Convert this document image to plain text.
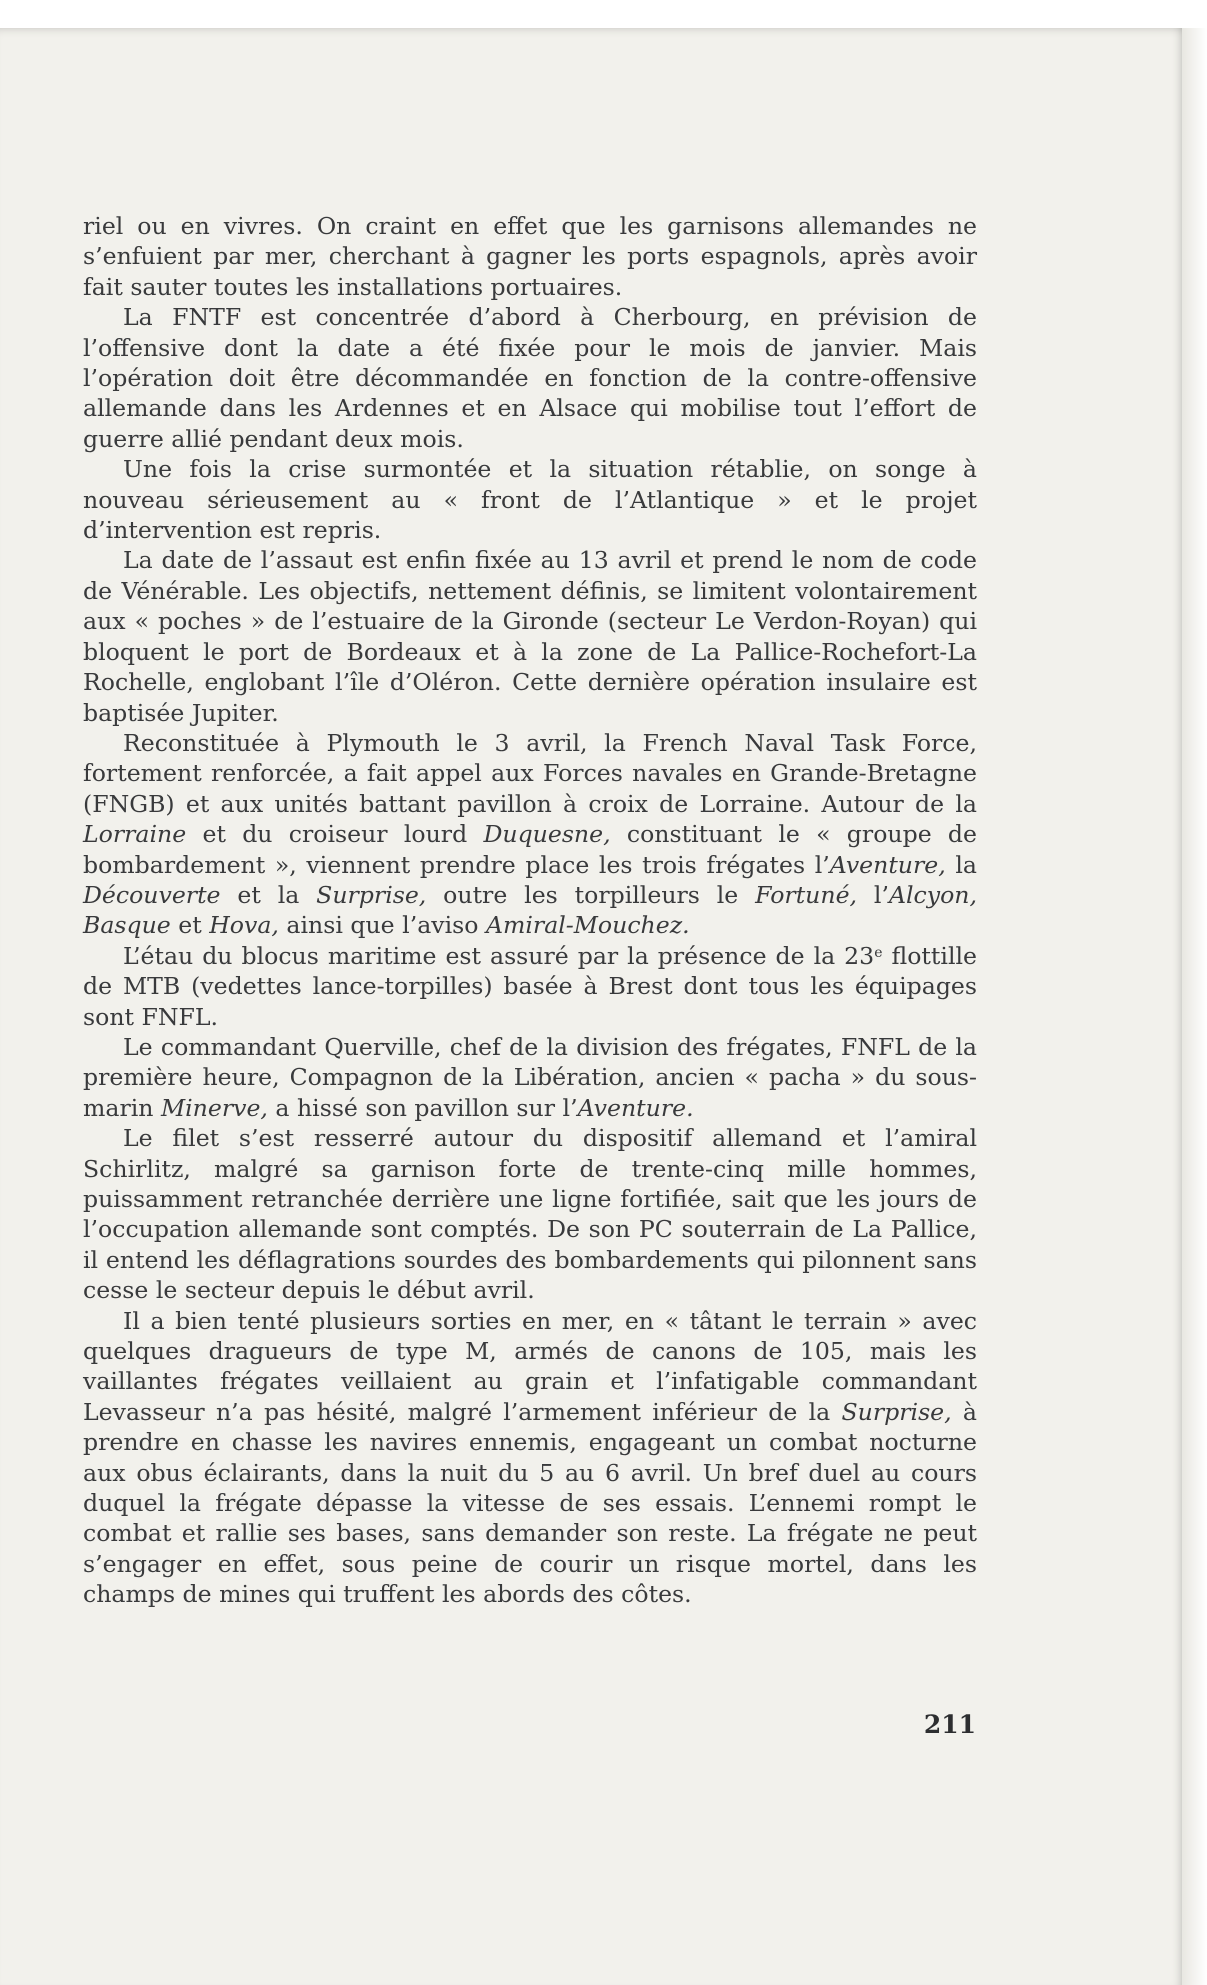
riel ou en vivres. On craint en effet que les garnisons allemandes ne s’enfuient par mer, cherchant à gagner les ports espagnols, après avoir fait sauter toutes les installations portuaires.

La FNTF est concentrée d’abord à Cherbourg, en prévision de l’offensive dont la date a été fixée pour le mois de janvier. Mais l’opération doit être décommandée en fonction de la contre-offensive allemande dans les Ardennes et en Alsace qui mobilise tout l’effort de guerre allié pendant deux mois.

Une fois la crise surmontée et la situation rétablie, on songe à nouveau sérieusement au « front de l’Atlantique » et le projet d’intervention est repris.

La date de l’assaut est enfin fixée au 13 avril et prend le nom de code de Vénérable. Les objectifs, nettement définis, se limitent volontairement aux « poches » de l’estuaire de la Gironde (secteur Le Verdon-Royan) qui bloquent le port de Bordeaux et à la zone de La Pallice-Rochefort-La Rochelle, englobant l’île d’Oléron. Cette dernière opération insulaire est baptisée Jupiter.

Reconstituée à Plymouth le 3 avril, la French Naval Task Force, fortement renforcée, a fait appel aux Forces navales en Grande-Bretagne (FNGB) et aux unités battant pavillon à croix de Lorraine. Autour de la Lorraine et du croiseur lourd Duquesne, constituant le « groupe de bombardement », viennent prendre place les trois frégates l’Aventure, la Découverte et la Surprise, outre les torpilleurs le Fortuné, l’Alcyon, Basque et Hova, ainsi que l’aviso Amiral-Mouchez.

L’étau du blocus maritime est assuré par la présence de la 23e flottille de MTB (vedettes lance-torpilles) basée à Brest dont tous les équipages sont FNFL.

Le commandant Querville, chef de la division des frégates, FNFL de la première heure, Compagnon de la Libération, ancien « pacha » du sous-marin Minerve, a hissé son pavillon sur l’Aventure.

Le filet s’est resserré autour du dispositif allemand et l’amiral Schirlitz, malgré sa garnison forte de trente-cinq mille hommes, puissamment retranchée derrière une ligne fortifiée, sait que les jours de l’occupation allemande sont comptés. De son PC souterrain de La Pallice, il entend les déflagrations sourdes des bombardements qui pilonnent sans cesse le secteur depuis le début avril.

Il a bien tenté plusieurs sorties en mer, en « tâtant le terrain » avec quelques dragueurs de type M, armés de canons de 105, mais les vaillantes frégates veillaient au grain et l’infatigable commandant Levasseur n’a pas hésité, malgré l’armement inférieur de la Surprise, à prendre en chasse les navires ennemis, engageant un combat nocturne aux obus éclairants, dans la nuit du 5 au 6 avril. Un bref duel au cours duquel la frégate dépasse la vitesse de ses essais. L’ennemi rompt le combat et rallie ses bases, sans demander son reste. La frégate ne peut s’engager en effet, sous peine de courir un risque mortel, dans les champs de mines qui truffent les abords des côtes.

211
